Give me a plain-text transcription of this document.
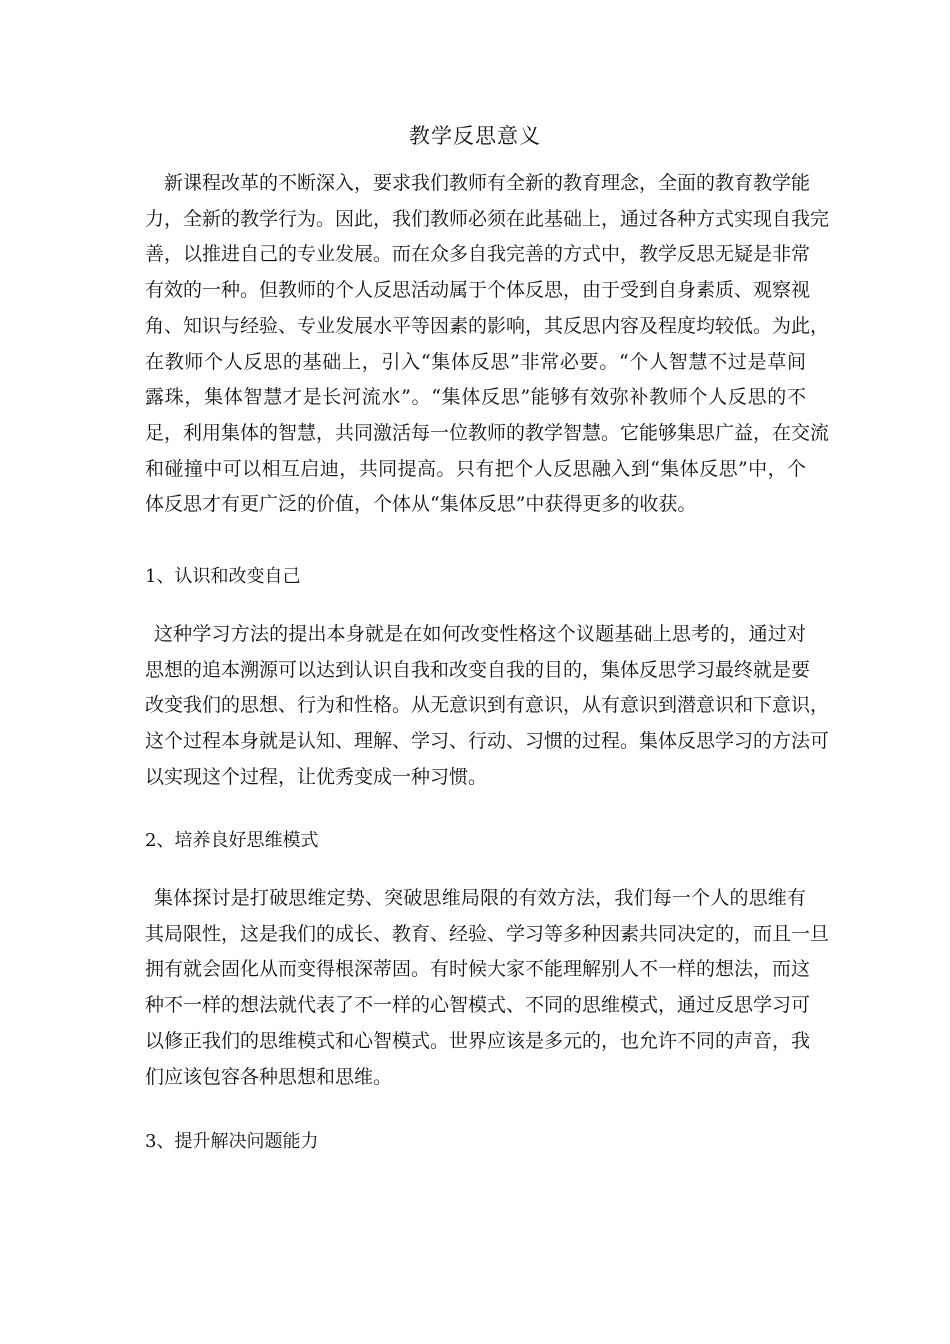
教学反思意义
新课程改革的不断深入，要求我们教师有全新的教育理念，全面的教育教学能
力，全新的教学行为。因此，我们教师必须在此基础上，通过各种方式实现自我完
善，以推进自己的专业发展。而在众多自我完善的方式中，教学反思无疑是非常
有效的一种。但教师的个人反思活动属于个体反思，由于受到自身素质、观察视
角、知识与经验、专业发展水平等因素的影响，其反思内容及程度均较低。为此，
在教师个人反思的基础上，引入“集体反思”非常必要。“个人智慧不过是草间
露珠，集体智慧才是长河流水”。“集体反思”能够有效弥补教师个人反思的不
足，利用集体的智慧，共同激活每一位教师的教学智慧。它能够集思广益，在交流
和碰撞中可以相互启迪，共同提高。只有把个人反思融入到“集体反思”中，个
体反思才有更广泛的价值，个体从“集体反思”中获得更多的收获。
1、认识和改变自己
这种学习方法的提出本身就是在如何改变性格这个议题基础上思考的，通过对
思想的追本溯源可以达到认识自我和改变自我的目的，集体反思学习最终就是要
改变我们的思想、行为和性格。从无意识到有意识，从有意识到潜意识和下意识，
这个过程本身就是认知、理解、学习、行动、习惯的过程。集体反思学习的方法可
以实现这个过程，让优秀变成一种习惯。
2、培养良好思维模式
集体探讨是打破思维定势、突破思维局限的有效方法，我们每一个人的思维有
其局限性，这是我们的成长、教育、经验、学习等多种因素共同决定的，而且一旦
拥有就会固化从而变得根深蒂固。有时候大家不能理解别人不一样的想法，而这
种不一样的想法就代表了不一样的心智模式、不同的思维模式，通过反思学习可
以修正我们的思维模式和心智模式。世界应该是多元的，也允许不同的声音，我
们应该包容各种思想和思维。
3、提升解决问题能力
